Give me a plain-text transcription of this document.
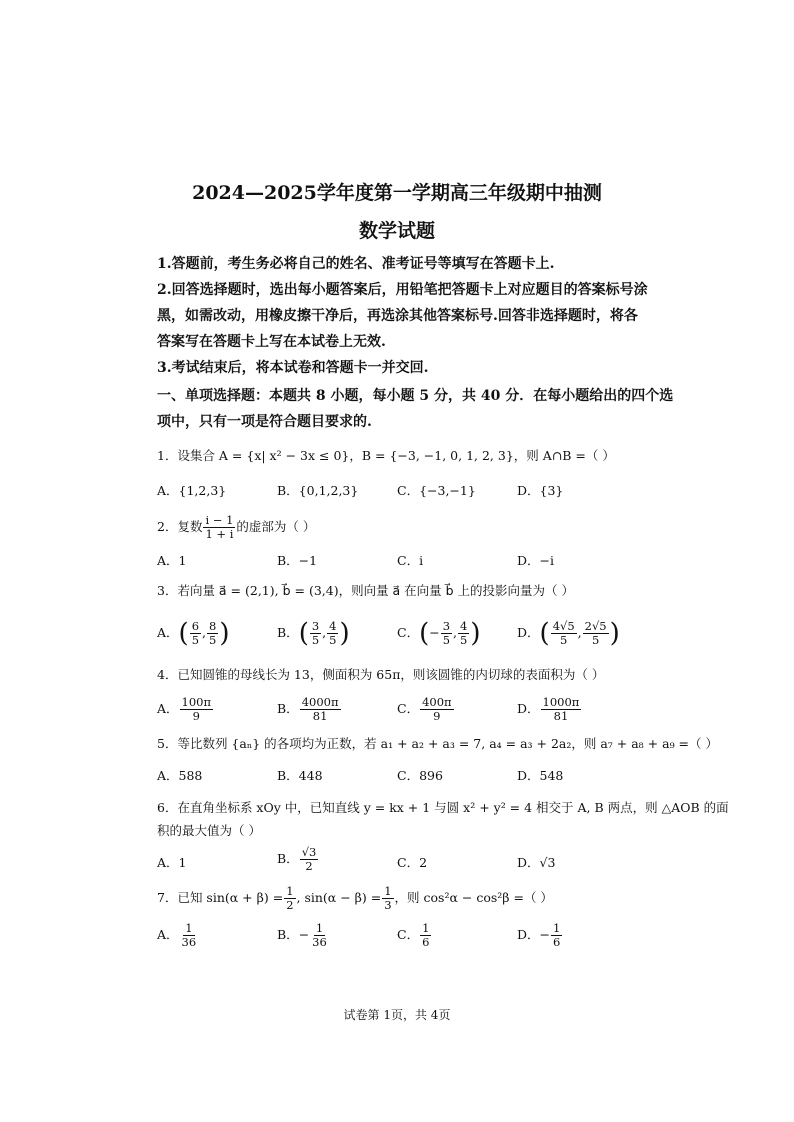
2024—2025学年度第一学期高三年级期中抽测
数学试题
1.答题前，考生务必将自己的姓名、准考证号等填写在答题卡上.
2.回答选择题时，选出每小题答案后，用铅笔把答题卡上对应题目的答案标号涂
黑，如需改动，用橡皮擦干净后，再选涂其他答案标号.回答非选择题时，将各
答案写在答题卡上写在本试卷上无效.
3.考试结束后，将本试卷和答题卡一并交回.
一、单项选择题：本题共 8 小题，每小题 5 分，共 40 分．在每小题给出的四个选
项中，只有一项是符合题目要求的.
1．设集合 A = {x| x² − 3x ≤ 0}，B = {−3, −1, 0, 1, 2, 3}，则 A∩B =（ ）
A．{1,2,3}	B．{0,1,2,3}	C．{−3,−1}	D．{3}
2．复数 $\frac{i - 1}{1 + i}$ 的虚部为（ ）
A．1	B．−1	C．i	D．−i
3．若向量 a⃗ = (2,1), b⃗ = (3,4)，则向量 a⃗ 在向量 b⃗ 上的投影向量为（ ）
A．( $\frac{6}{5}$ , $\frac{8}{5}$ )	B．( $\frac{3}{5}$ , $\frac{4}{5}$ )	C．(− $\frac{3}{5}$ , $\frac{4}{5}$ )	D．( $\frac{4√5}{5}$ , $\frac{2√5}{5}$ )
4．已知圆锥的母线长为 13，侧面积为 65π，则该圆锥的内切球的表面积为（ ）
A． $\frac{100\pi}{9}$	B． $\frac{4000\pi}{81}$	C． $\frac{400\pi}{9}$	D． $\frac{1000\pi}{81}$
5．等比数列 {aₙ} 的各项均为正数，若 a₁ + a₂ + a₃ = 7, a₄ = a₃ + 2a₂，则 a₇ + a₈ + a₉ =（ ）
A．588	B．448	C．896	D．548
6．在直角坐标系 xOy 中，已知直线 y = kx + 1 与圆 x² + y² = 4 相交于 A, B 两点，则 △AOB 的面
积的最大值为（ ）
A．1	B． $\frac{√3}{2}$	C．2	D．√3
7．已知 $\sin(\alpha + \beta) = \frac{1}{2}$ , $\sin(\alpha - \beta) = \frac{1}{3}$ ，则 cos²α − cos²β =（ ）
A． $\frac{1}{36}$	B．− $\frac{1}{36}$	C． $\frac{1}{6}$	D．− $\frac{1}{6}$
试卷第 1页，共 4页
